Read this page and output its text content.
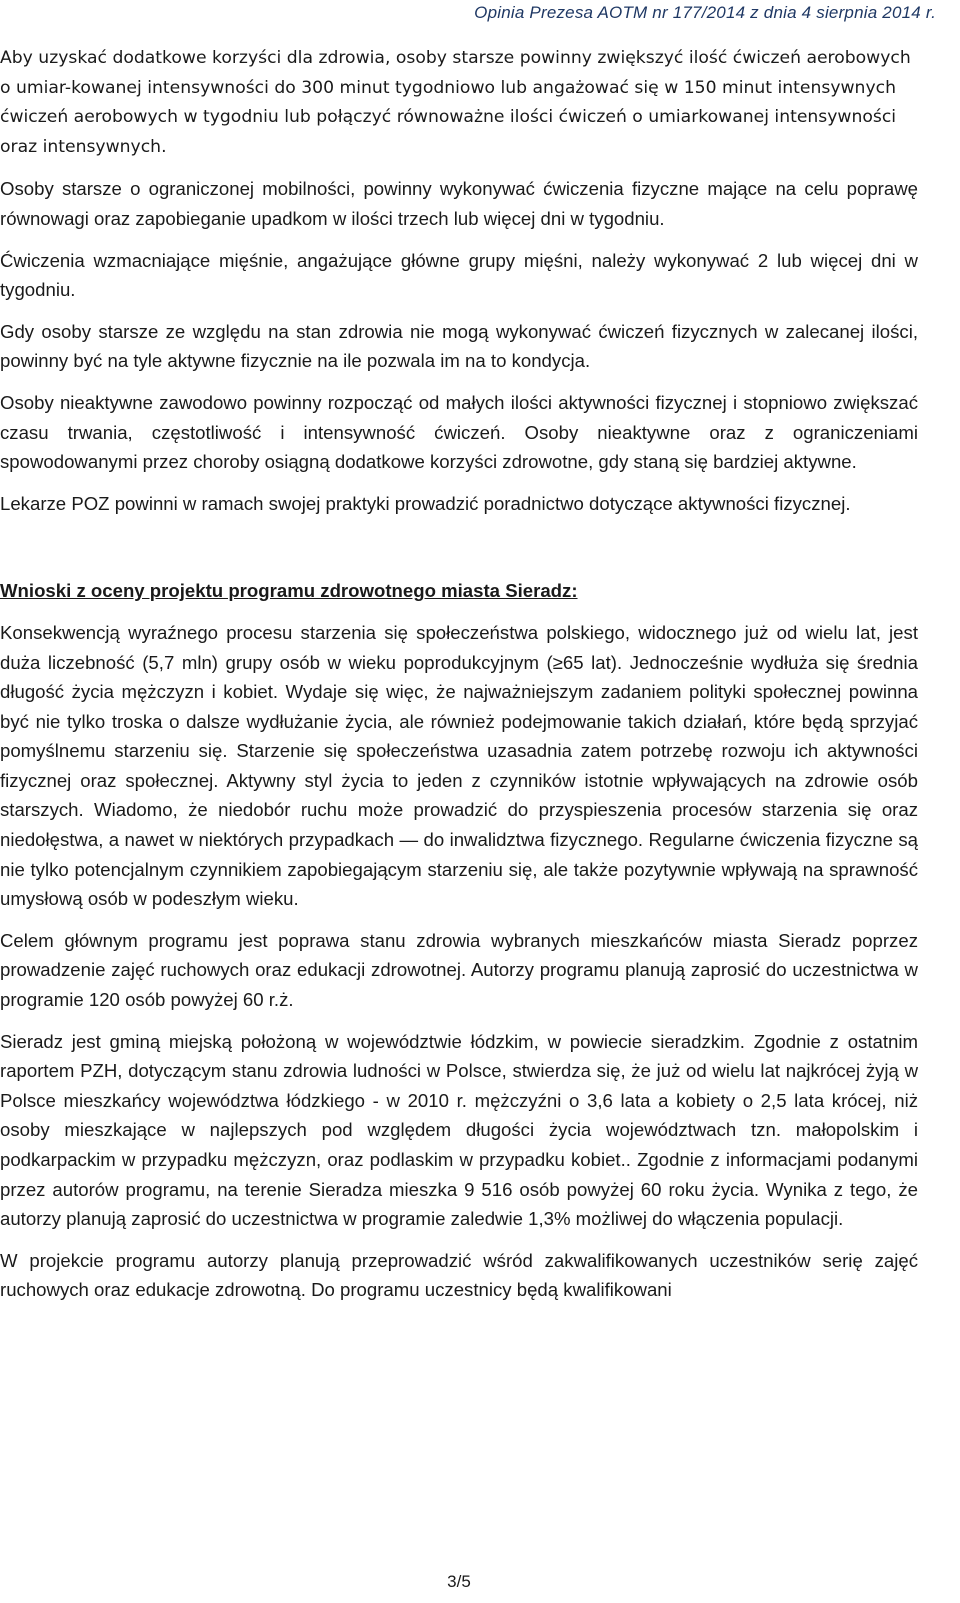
Opinia Prezesa AOTM nr 177/2014 z dnia 4 sierpnia 2014 r.

Aby uzyskać dodatkowe korzyści dla zdrowia, osoby starsze powinny zwiększyć ilość ćwiczeń aerobowych o umiar-kowanej intensywności do 300 minut tygodniowo lub angażować się w 150 minut intensywnych ćwiczeń aerobowych w tygodniu lub połączyć równoważne ilości ćwiczeń o umiarkowanej intensywności oraz intensywnych.

Osoby starsze o ograniczonej mobilności, powinny wykonywać ćwiczenia fizyczne mające na celu poprawę równowagi oraz zapobieganie upadkom w ilości trzech lub więcej dni w tygodniu.

Ćwiczenia wzmacniające mięśnie, angażujące główne grupy mięśni, należy wykonywać 2 lub więcej dni w tygodniu.

Gdy osoby starsze ze względu na stan zdrowia nie mogą wykonywać ćwiczeń fizycznych w zalecanej ilości, powinny być na tyle aktywne fizycznie na ile pozwala im na to kondycja.

Osoby nieaktywne zawodowo powinny rozpocząć od małych ilości aktywności fizycznej i stopniowo zwiększać czasu trwania, częstotliwość i intensywność ćwiczeń. Osoby nieaktywne oraz z ograniczeniami spowodowanymi przez choroby osiągną dodatkowe korzyści zdrowotne, gdy staną się bardziej aktywne.

Lekarze POZ powinni w ramach swojej praktyki prowadzić poradnictwo dotyczące aktywności fizycznej.

Wnioski z oceny projektu programu zdrowotnego miasta Sieradz:

Konsekwencją wyraźnego procesu starzenia się społeczeństwa polskiego, widocznego już od wielu lat, jest duża liczebność (5,7 mln) grupy osób w wieku poprodukcyjnym (≥65 lat). Jednocześnie wydłuża się średnia długość życia mężczyzn i kobiet. Wydaje się więc, że najważniejszym zadaniem polityki społecznej powinna być nie tylko troska o dalsze wydłużanie życia, ale również podejmowanie takich działań, które będą sprzyjać pomyślnemu starzeniu się. Starzenie się społeczeństwa uzasadnia zatem potrzebę rozwoju ich aktywności fizycznej oraz społecznej. Aktywny styl życia to jeden z czynników istotnie wpływających na zdrowie osób starszych. Wiadomo, że niedobór ruchu może prowadzić do przyspieszenia procesów starzenia się oraz niedołęstwa, a nawet w niektórych przypadkach — do inwalidztwa fizycznego. Regularne ćwiczenia fizyczne są nie tylko potencjalnym czynnikiem zapobiegającym starzeniu się, ale także pozytywnie wpływają na sprawność umysłową osób w podeszłym wieku.

Celem głównym programu jest poprawa stanu zdrowia wybranych mieszkańców miasta Sieradz poprzez prowadzenie zajęć ruchowych oraz edukacji zdrowotnej. Autorzy programu planują zaprosić do uczestnictwa w programie 120 osób powyżej 60 r.ż.

Sieradz jest gminą miejską położoną w województwie łódzkim, w powiecie sieradzkim. Zgodnie z ostatnim raportem PZH, dotyczącym stanu zdrowia ludności w Polsce, stwierdza się, że już od wielu lat najkrócej żyją w Polsce mieszkańcy województwa łódzkiego - w 2010 r. mężczyźni o 3,6 lata a kobiety o 2,5 lata krócej, niż osoby mieszkające w najlepszych pod względem długości życia województwach tzn. małopolskim i podkarpackim w przypadku mężczyzn, oraz podlaskim w przypadku kobiet.. Zgodnie z informacjami podanymi przez autorów programu, na terenie Sieradza mieszka 9 516 osób powyżej 60 roku życia. Wynika z tego, że autorzy planują zaprosić do uczestnictwa w programie zaledwie 1,3% możliwej do włączenia populacji.

W projekcie programu autorzy planują przeprowadzić wśród zakwalifikowanych uczestników serię zajęć ruchowych oraz edukacje zdrowotną. Do programu uczestnicy będą kwalifikowani

3/5
